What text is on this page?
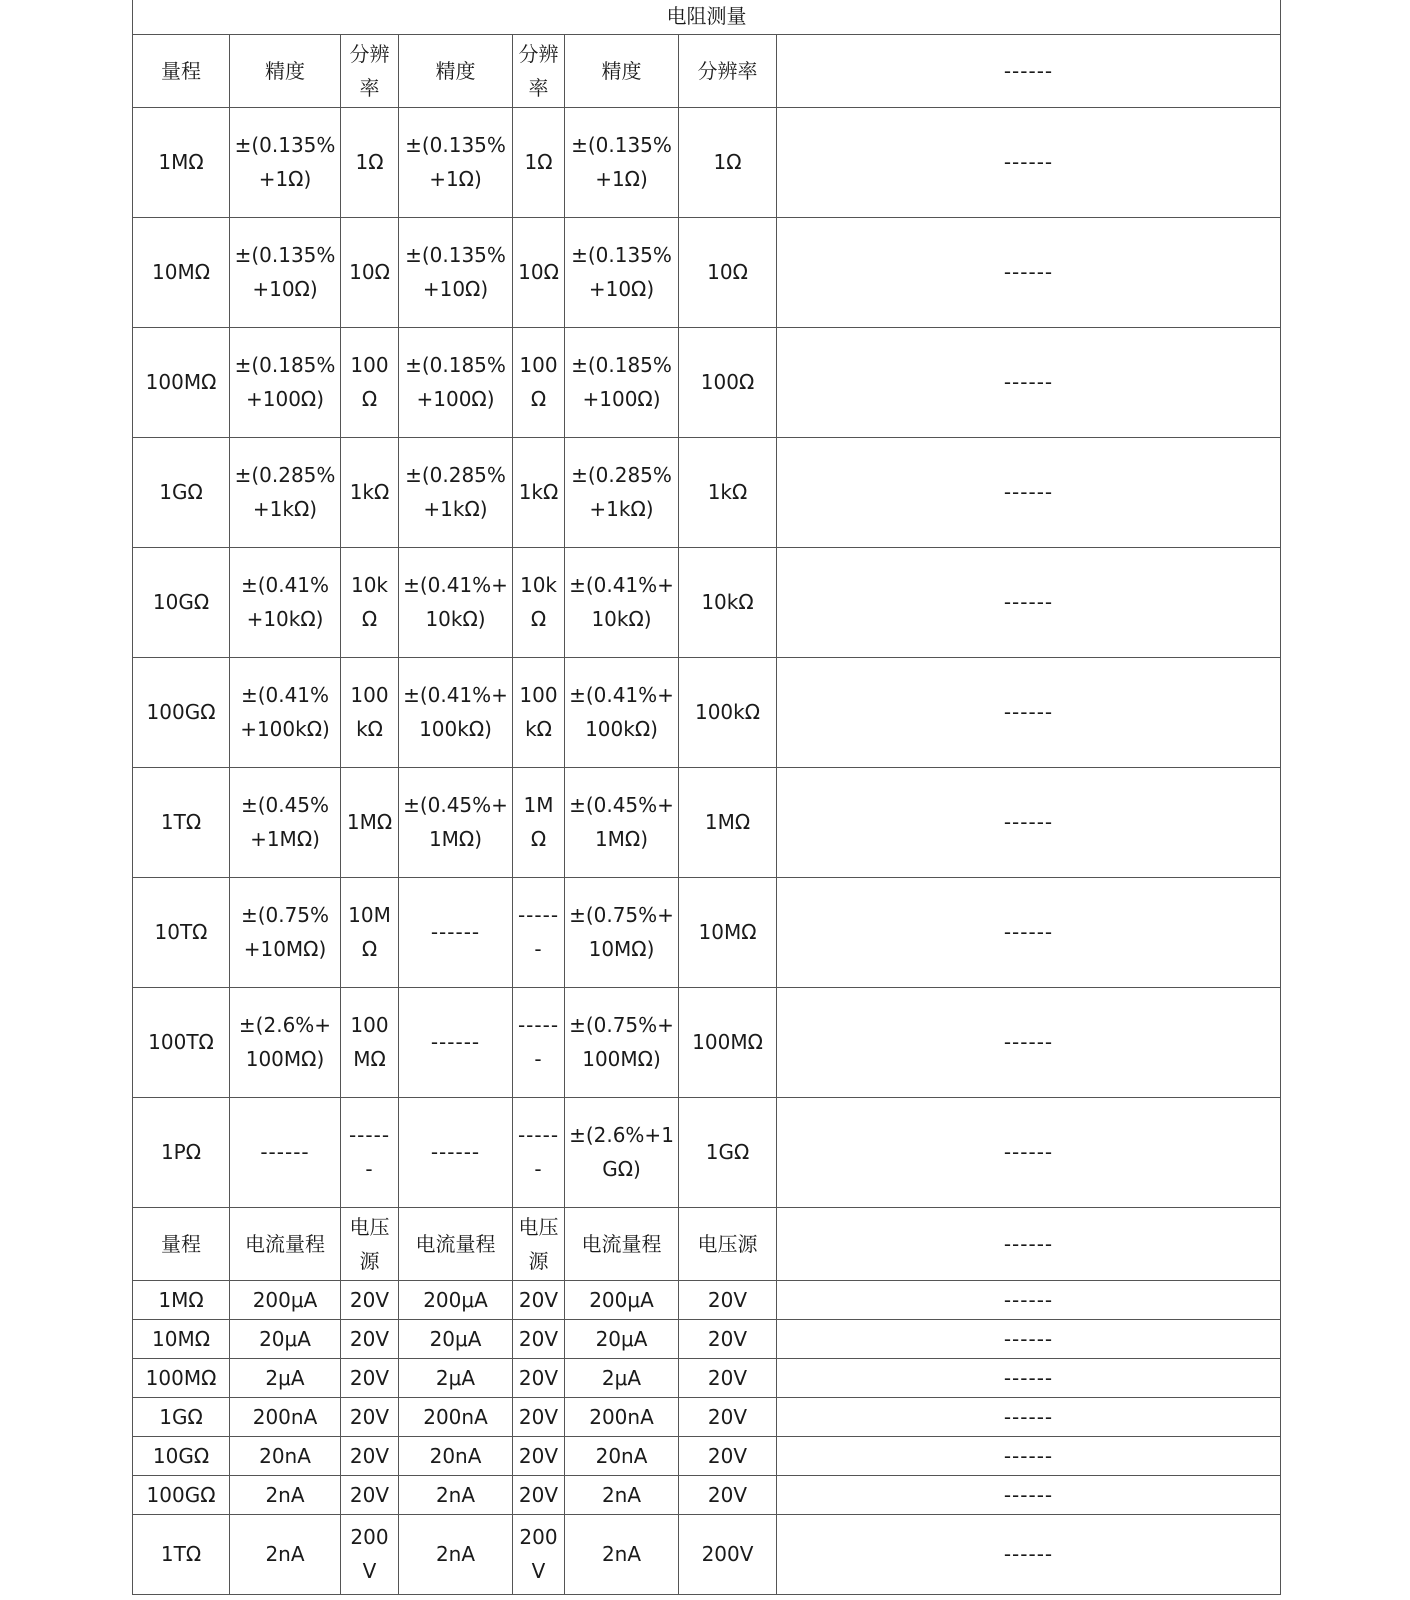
电阻测量							
量程	精度	分辨率	精度	分辨率	精度	分辨率	------
1MΩ	±(0.135%+1Ω)	1Ω	±(0.135%+1Ω)	1Ω	±(0.135%+1Ω)	1Ω	------
10MΩ	±(0.135%+10Ω)	10Ω	±(0.135%+10Ω)	10Ω	±(0.135%+10Ω)	10Ω	------
100MΩ	±(0.185%+100Ω)	100Ω	±(0.185%+100Ω)	100Ω	±(0.185%+100Ω)	100Ω	------
1GΩ	±(0.285%+1kΩ)	1kΩ	±(0.285%+1kΩ)	1kΩ	±(0.285%+1kΩ)	1kΩ	------
10GΩ	±(0.41%+10kΩ)	10kΩ	±(0.41%+10kΩ)	10kΩ	±(0.41%+10kΩ)	10kΩ	------
100GΩ	±(0.41%+100kΩ)	100kΩ	±(0.41%+100kΩ)	100kΩ	±(0.41%+100kΩ)	100kΩ	------
1TΩ	±(0.45%+1MΩ)	1MΩ	±(0.45%+1MΩ)	1MΩ	±(0.45%+1MΩ)	1MΩ	------
10TΩ	±(0.75%+10MΩ)	10MΩ	------	------	±(0.75%+10MΩ)	10MΩ	------
100TΩ	±(2.6%+100MΩ)	100MΩ	------	------	±(0.75%+100MΩ)	100MΩ	------
1PΩ	------	------	------	------	±(2.6%+1GΩ)	1GΩ	------
量程	电流量程	电压源	电流量程	电压源	电流量程	电压源	------
1MΩ	200μA	20V	200μA	20V	200μA	20V	------
10MΩ	20μA	20V	20μA	20V	20μA	20V	------
100MΩ	2μA	20V	2μA	20V	2μA	20V	------
1GΩ	200nA	20V	200nA	20V	200nA	20V	------
10GΩ	20nA	20V	20nA	20V	20nA	20V	------
100GΩ	2nA	20V	2nA	20V	2nA	20V	------
1TΩ	2nA	200V	2nA	200V	2nA	200V	------
